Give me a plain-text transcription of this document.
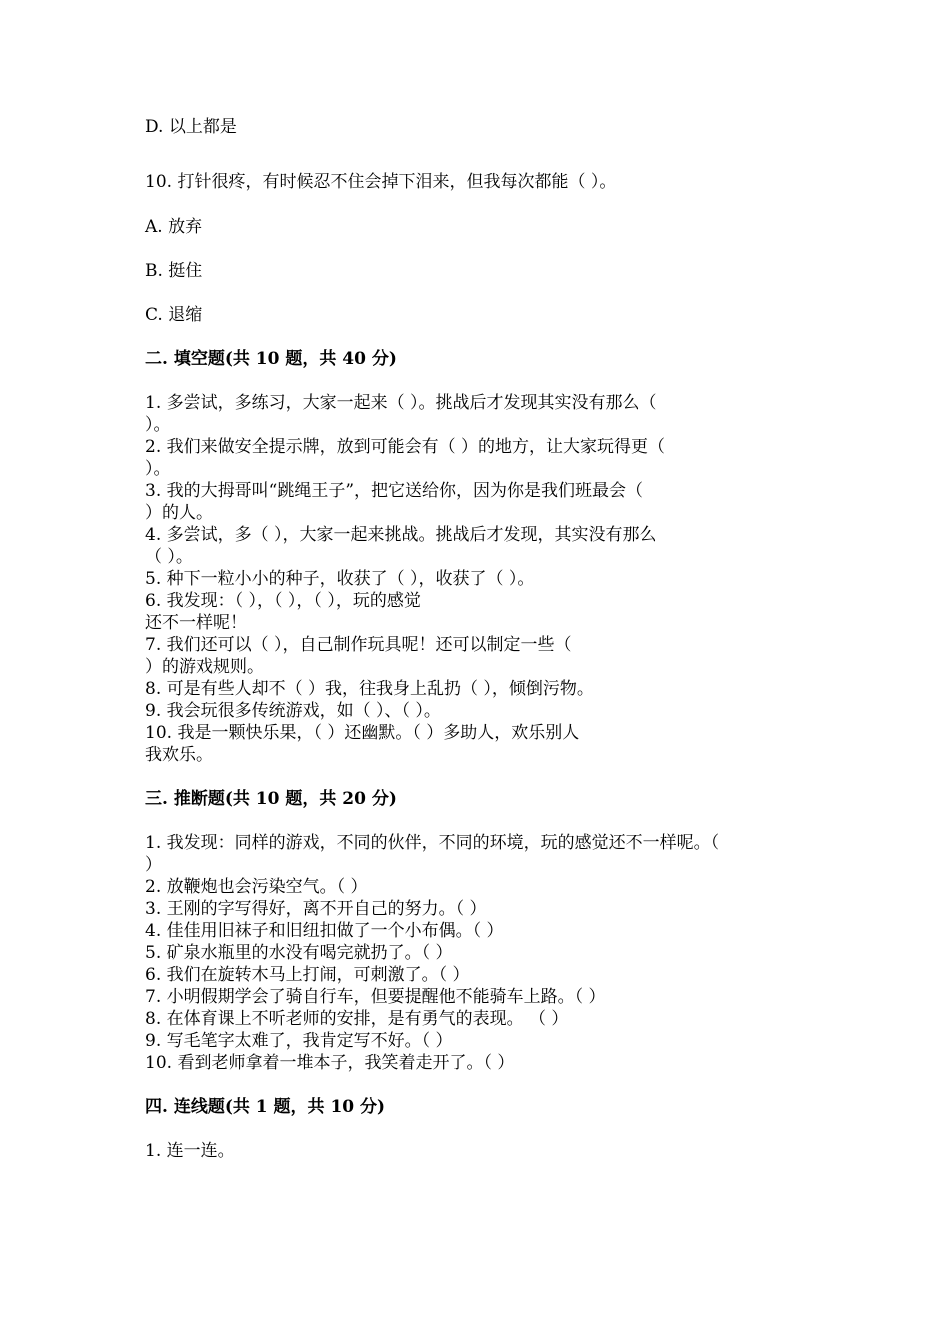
D. 以上都是

10. 打针很疼，有时候忍不住会掉下泪来，但我每次都能（ ）。

A. 放弃

B. 挺住

C. 退缩

二. 填空题(共 10 题，共 40 分)

1. 多尝试，多练习，大家一起来（ ）。挑战后才发现其实没有那么（

）。

2. 我们来做安全提示牌，放到可能会有（ ）的地方，让大家玩得更（

）。

3. 我的大拇哥叫“跳绳王子”，把它送给你，因为你是我们班最会（

）的人。

4. 多尝试，多（ ），大家一起来挑战。挑战后才发现，其实没有那么

（ ）。

5. 种下一粒小小的种子，收获了（ ），收获了（ ）。

6. 我发现：（ ），（ ），（ ），玩的感觉

还不一样呢！

7. 我们还可以（ ），自己制作玩具呢！还可以制定一些（

）的游戏规则。

8. 可是有些人却不（ ）我，往我身上乱扔（ ），倾倒污物。

9. 我会玩很多传统游戏，如（ ）、（ ）。

10. 我是一颗快乐果，（ ）还幽默。（ ）多助人，欢乐别人

我欢乐。

三. 推断题(共 10 题，共 20 分)

1. 我发现：同样的游戏，不同的伙伴，不同的环境，玩的感觉还不一样呢。（

）

2. 放鞭炮也会污染空气。（ ）

3. 王刚的字写得好，离不开自己的努力。（ ）

4. 佳佳用旧袜子和旧纽扣做了一个小布偶。（ ）

5. 矿泉水瓶里的水没有喝完就扔了。（ ）

6. 我们在旋转木马上打闹，可刺激了。（ ）

7. 小明假期学会了骑自行车，但要提醒他不能骑车上路。（ ）

8. 在体育课上不听老师的安排，是有勇气的表现。 （ ）

9. 写毛笔字太难了，我肯定写不好。（ ）

10. 看到老师拿着一堆本子，我笑着走开了。（ ）

四. 连线题(共 1 题，共 10 分)

1. 连一连。
